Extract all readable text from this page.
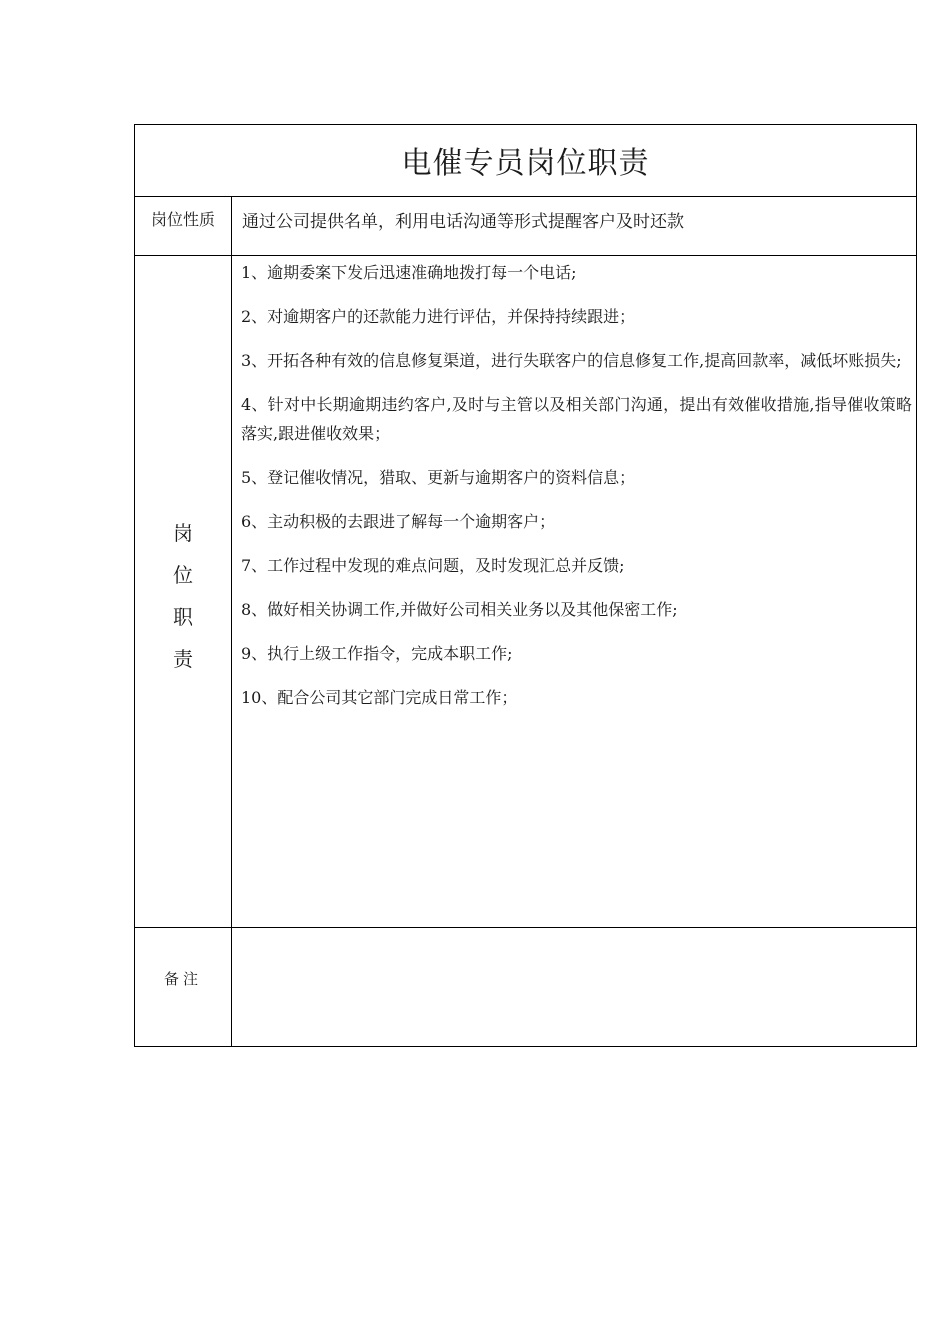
电催专员岗位职责
岗位性质	通过公司提供名单，利用电话沟通等形式提醒客户及时还款
岗
位
职
责
1、逾期委案下发后迅速准确地拨打每一个电话;
2、对逾期客户的还款能力进行评估，并保持持续跟进；
3、开拓各种有效的信息修复渠道，进行失联客户的信息修复工作,提高回款率，减低坏账损失;
4、针对中长期逾期违约客户,及时与主管以及相关部门沟通，提出有效催收措施,指导催收策略落实,跟进催收效果；
5、登记催收情况，猎取、更新与逾期客户的资料信息；
6、主动积极的去跟进了解每一个逾期客户；
7、工作过程中发现的难点问题，及时发现汇总并反馈;
8、做好相关协调工作,并做好公司相关业务以及其他保密工作;
9、执行上级工作指令，完成本职工作;
10、配合公司其它部门完成日常工作；
备注
